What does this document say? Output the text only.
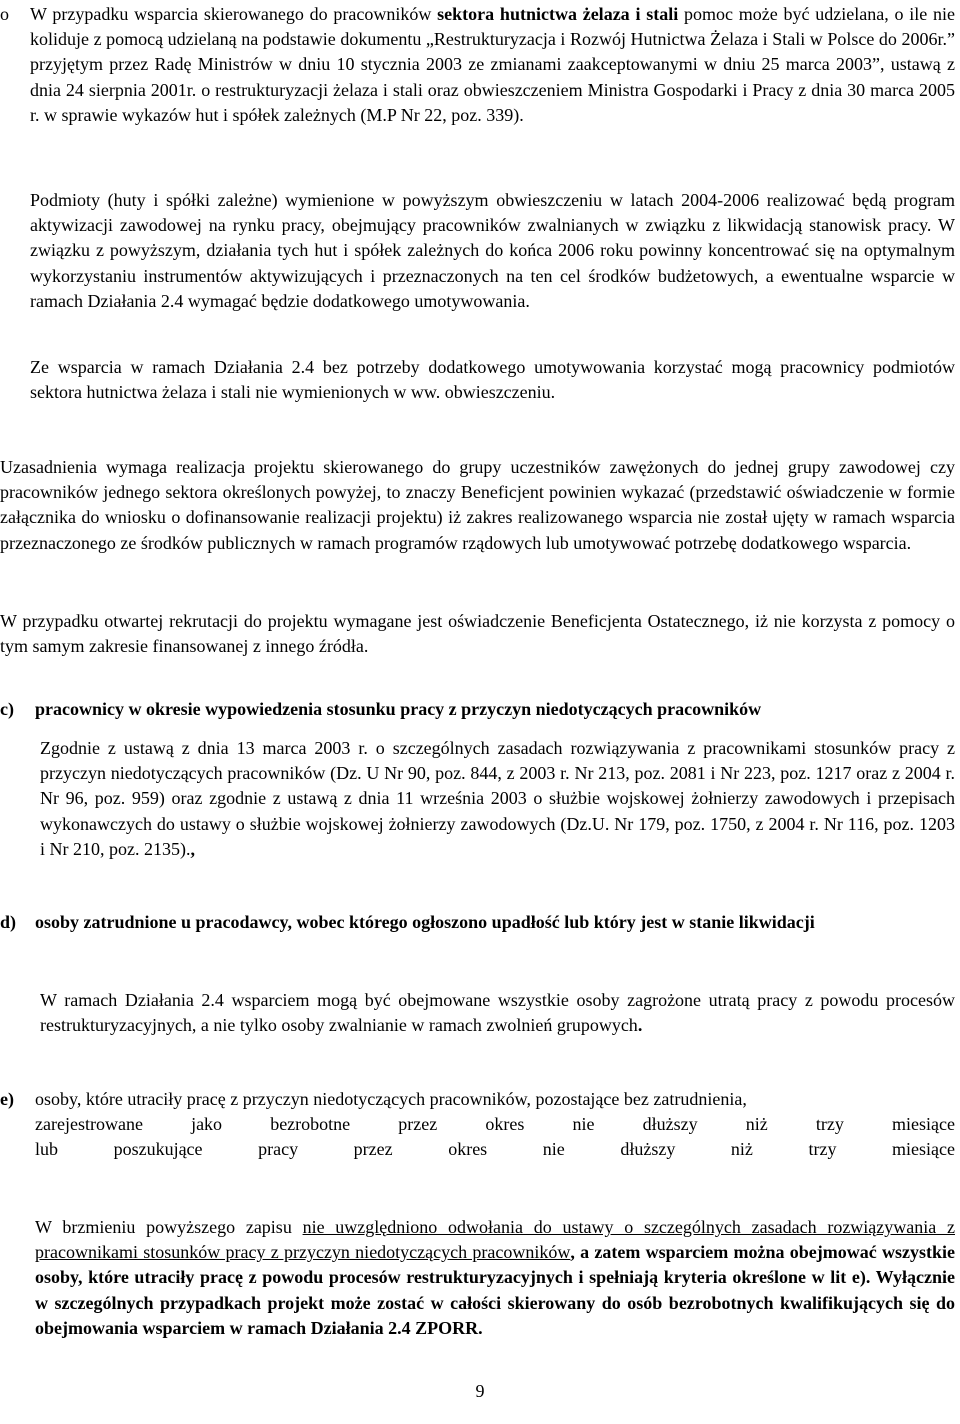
o W przypadku wsparcia skierowanego do pracowników sektora hutnictwa żelaza i stali pomoc może być udzielana, o ile nie koliduje z pomocą udzielaną na podstawie dokumentu „Restrukturyzacja i Rozwój Hutnictwa Żelaza i Stali w Polsce do 2006r.” przyjętym przez Radę Ministrów w dniu 10 stycznia 2003 ze zmianami zaakceptowanymi w dniu 25 marca 2003”, ustawą z dnia 24 sierpnia 2001r. o restrukturyzacji żelaza i stali oraz obwieszczeniem Ministra Gospodarki i Pracy z dnia 30 marca 2005 r. w sprawie wykazów hut i spółek zależnych (M.P Nr 22, poz. 339).

Podmioty (huty i spółki zależne) wymienione w powyższym obwieszczeniu w latach 2004-2006 realizować będą program aktywizacji zawodowej na rynku pracy, obejmujący pracowników zwalnianych w związku z likwidacją stanowisk pracy. W związku z powyższym, działania tych hut i spółek zależnych do końca 2006 roku powinny koncentrować się na optymalnym wykorzystaniu instrumentów aktywizujących i przeznaczonych na ten cel środków budżetowych, a ewentualne wsparcie w ramach Działania 2.4 wymagać będzie dodatkowego umotywowania.

Ze wsparcia w ramach Działania 2.4 bez potrzeby dodatkowego umotywowania korzystać mogą pracownicy podmiotów sektora hutnictwa żelaza i stali nie wymienionych w ww. obwieszczeniu.

Uzasadnienia wymaga realizacja projektu skierowanego do grupy uczestników zawężonych do jednej grupy zawodowej czy pracowników jednego sektora określonych powyżej, to znaczy Beneficjent powinien wykazać (przedstawić oświadczenie w formie załącznika do wniosku o dofinansowanie realizacji projektu) iż zakres realizowanego wsparcia nie został ujęty w ramach wsparcia przeznaczonego ze środków publicznych w ramach programów rządowych lub umotywować potrzebę dodatkowego wsparcia.

W przypadku otwartej rekrutacji do projektu wymagane jest oświadczenie Beneficjenta Ostatecznego, iż nie korzysta z pomocy o tym samym zakresie finansowanej z innego źródła.

c) pracownicy w okresie wypowiedzenia stosunku pracy z przyczyn niedotyczących pracowników

Zgodnie z ustawą z dnia 13 marca 2003 r. o szczególnych zasadach rozwiązywania z pracownikami stosunków pracy z przyczyn niedotyczących pracowników (Dz. U Nr 90, poz. 844, z 2003 r. Nr 213, poz. 2081 i Nr 223, poz. 1217 oraz z 2004 r. Nr 96, poz. 959) oraz zgodnie z ustawą z dnia 11 września 2003 o służbie wojskowej żołnierzy zawodowych i przepisach wykonawczych do ustawy o służbie wojskowej żołnierzy zawodowych (Dz.U. Nr 179, poz. 1750, z 2004 r. Nr 116, poz. 1203 i Nr 210, poz. 2135).,

d) osoby zatrudnione u pracodawcy, wobec którego ogłoszono upadłość lub który jest w stanie likwidacji

W ramach Działania 2.4 wsparciem mogą być obejmowane wszystkie osoby zagrożone utratą pracy z powodu procesów restrukturyzacyjnych, a nie tylko osoby zwalnianie w ramach zwolnień grupowych.

e) osoby, które utraciły pracę z przyczyn niedotyczących pracowników, pozostające bez zatrudnienia,

zarejestrowane jako bezrobotne przez okres nie dłuższy niż trzy miesiące

lub poszukujące pracy przez okres nie dłuższy niż trzy miesiące

W brzmieniu powyższego zapisu nie uwzględniono odwołania do ustawy o szczególnych zasadach rozwiązywania z pracownikami stosunków pracy z przyczyn niedotyczących pracowników, a zatem wsparciem można obejmować wszystkie osoby, które utraciły pracę z powodu procesów restrukturyzacyjnych i spełniają kryteria określone w lit e). Wyłącznie w szczególnych przypadkach projekt może zostać w całości skierowany do osób bezrobotnych kwalifikujących się do obejmowania wsparciem w ramach Działania 2.4 ZPORR.

9
